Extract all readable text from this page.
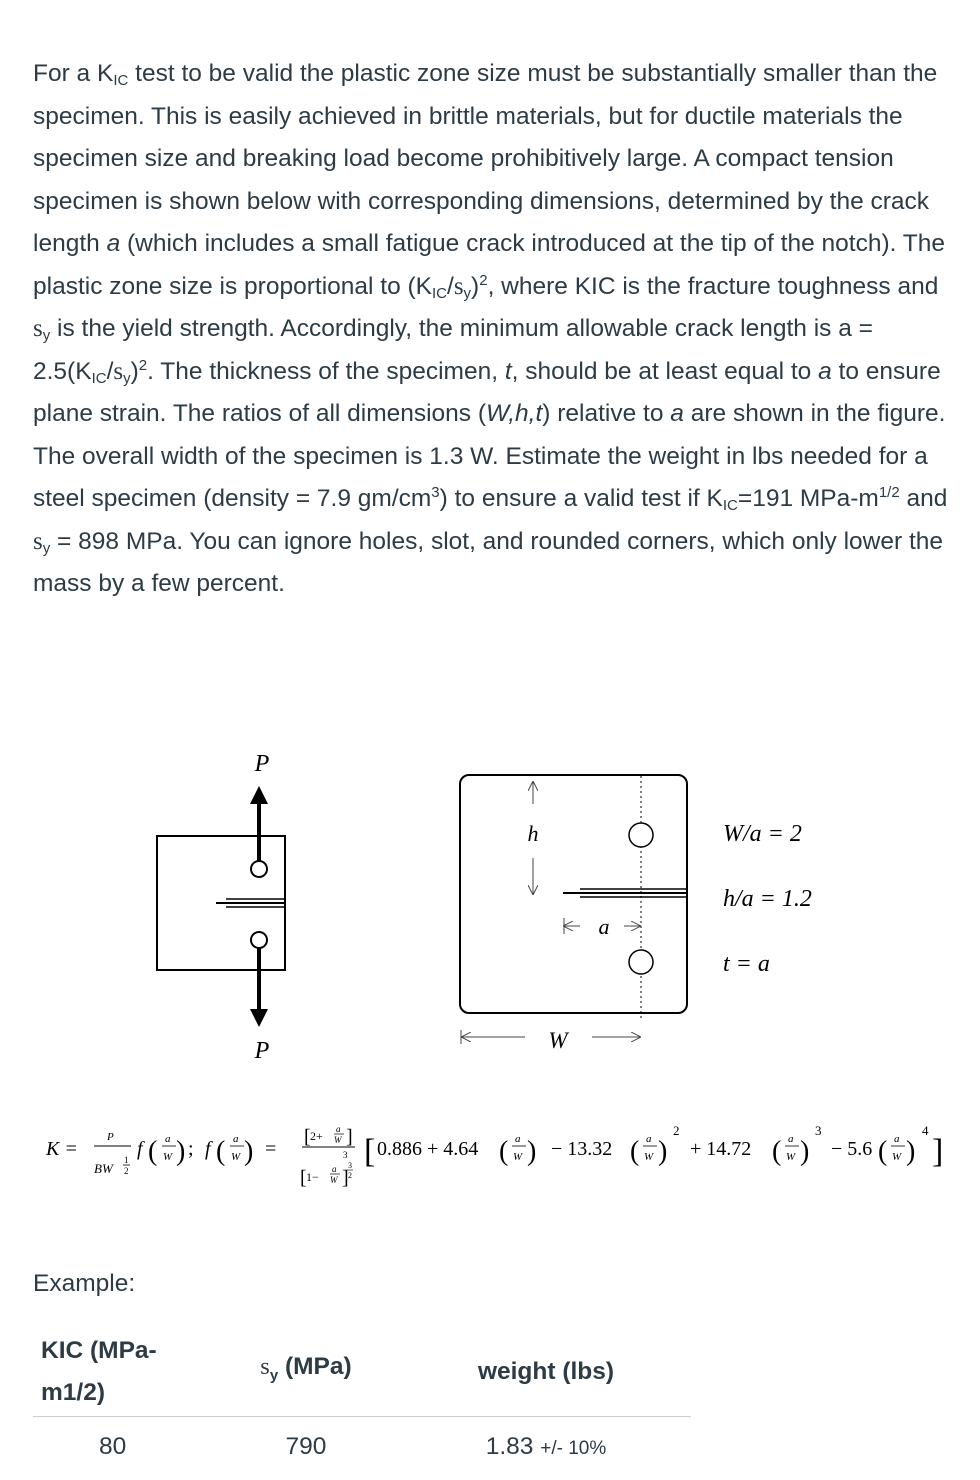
For a $K_{IC}$ test to be valid the plastic zone size must be substantially smaller than the specimen. This is easily achieved in brittle materials, but for ductile materials the specimen size and breaking load become prohibitively large. A compact tension specimen is shown below with corresponding dimensions, determined by the crack length a (which includes a small fatigue crack introduced at the tip of the notch). The plastic zone size is proportional to $(K_{IC}/s_y)^2$, where KIC is the fracture toughness and $s_y$ is the yield strength. Accordingly, the minimum allowable crack length is $a = 2.5(K_{IC}/s_y)^2$. The thickness of the specimen, t, should be at least equal to a to ensure plane strain. The ratios of all dimensions (W,h,t) relative to a are shown in the figure. The overall width of the specimen is 1.3 W. Estimate the weight in lbs needed for a steel specimen (density = 7.9 $gm/cm^3$) to ensure a valid test if $K_{IC}=191$ MPa-$m^{1/2}$ and $s_y = 898$ MPa. You can ignore holes, slot, and rounded corners, which only lower the mass by a few percent.

P
P
h
a
W
W/a = 2
h/a = 1.2
t = a
K =
P
BW
1
2
f ( a
W ) ; f ( a
W ) =
[ 2+ a
W ]
3
[ 1−
a
W ]
3
2
[ 0.886 + 4.64 ( a
W ) − 13.32 ( a
W )
2
+ 14.72 ( a
W )
3
− 5.6 ( a
W )
4
]

Example:

KIC (MPa-m1/2)	$s_y$ (MPa)	weight (lbs)
80	790	1.83 +/- 10%
